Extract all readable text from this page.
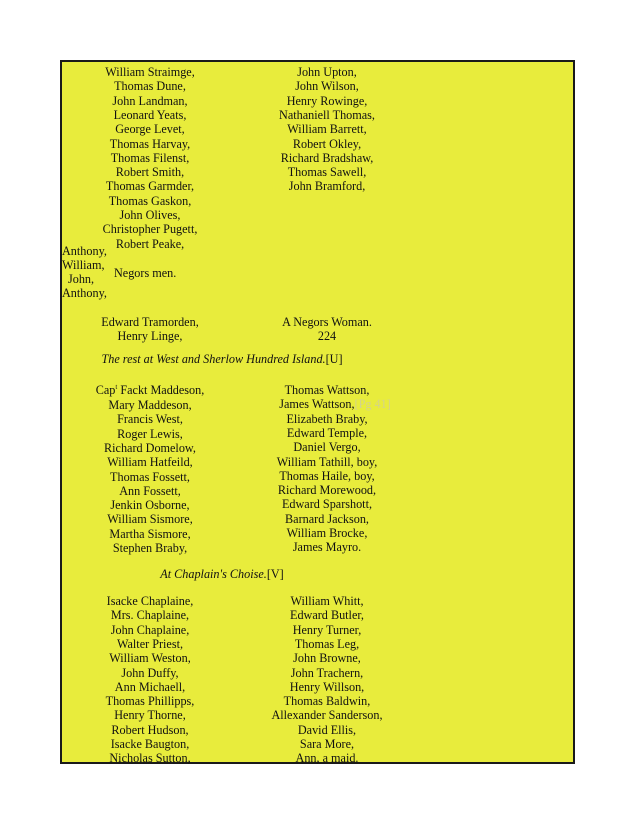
The rest at West and Sherlow Hundred Island.[U]
Cap$^t$ Fackt Maddeson,
Negors men.
At Chaplain's Choise.[V]
William Straimge,
Thomas Dune,
John Landman,
Leonard Yeats,
George Levet,
Thomas Harvay,
Thomas Filenst,
Robert Smith,
Thomas Garmder,
Thomas Gaskon,
John Olives,
Christopher Pugett,
Robert Peake,
John Upton,
John Wilson,
Henry Rowinge,
Nathaniell Thomas,
William Barrett,
Robert Okley,
Richard Bradshaw,
Thomas Sawell,
John Bramford,
Edward Tramorden,
Henry Linge,
A Negors Woman.
224
Mary Maddeson,
Francis West,
Roger Lewis,
Richard Domelow,
William Hatfeild,
Thomas Fossett,
Ann Fossett,
Jenkin Osborne,
William Sismore,
Martha Sismore,
Stephen Braby,
Thomas Wattson,
James Wattson,[Pg 41]
Elizabeth Braby,
Edward Temple,
Daniel Vergo,
William Tathill, boy,
Thomas Haile, boy,
Richard Morewood,
Edward Sparshott,
Barnard Jackson,
William Brocke,
James Mayro.
Isacke Chaplaine,
Mrs. Chaplaine,
John Chaplaine,
Walter Priest,
William Weston,
John Duffy,
Ann Michaell,
Thomas Phillipps,
Henry Thorne,
Robert Hudson,
Isacke Baugton,
Nicholas Sutton,
William Whitt,
Edward Butler,
Henry Turner,
Thomas Leg,
John Browne,
John Trachern,
Henry Willson,
Thomas Baldwin,
Allexander Sanderson,
David Ellis,
Sara More,
Ann, a maid.
Anthony,
William,
John,
Anthony,
